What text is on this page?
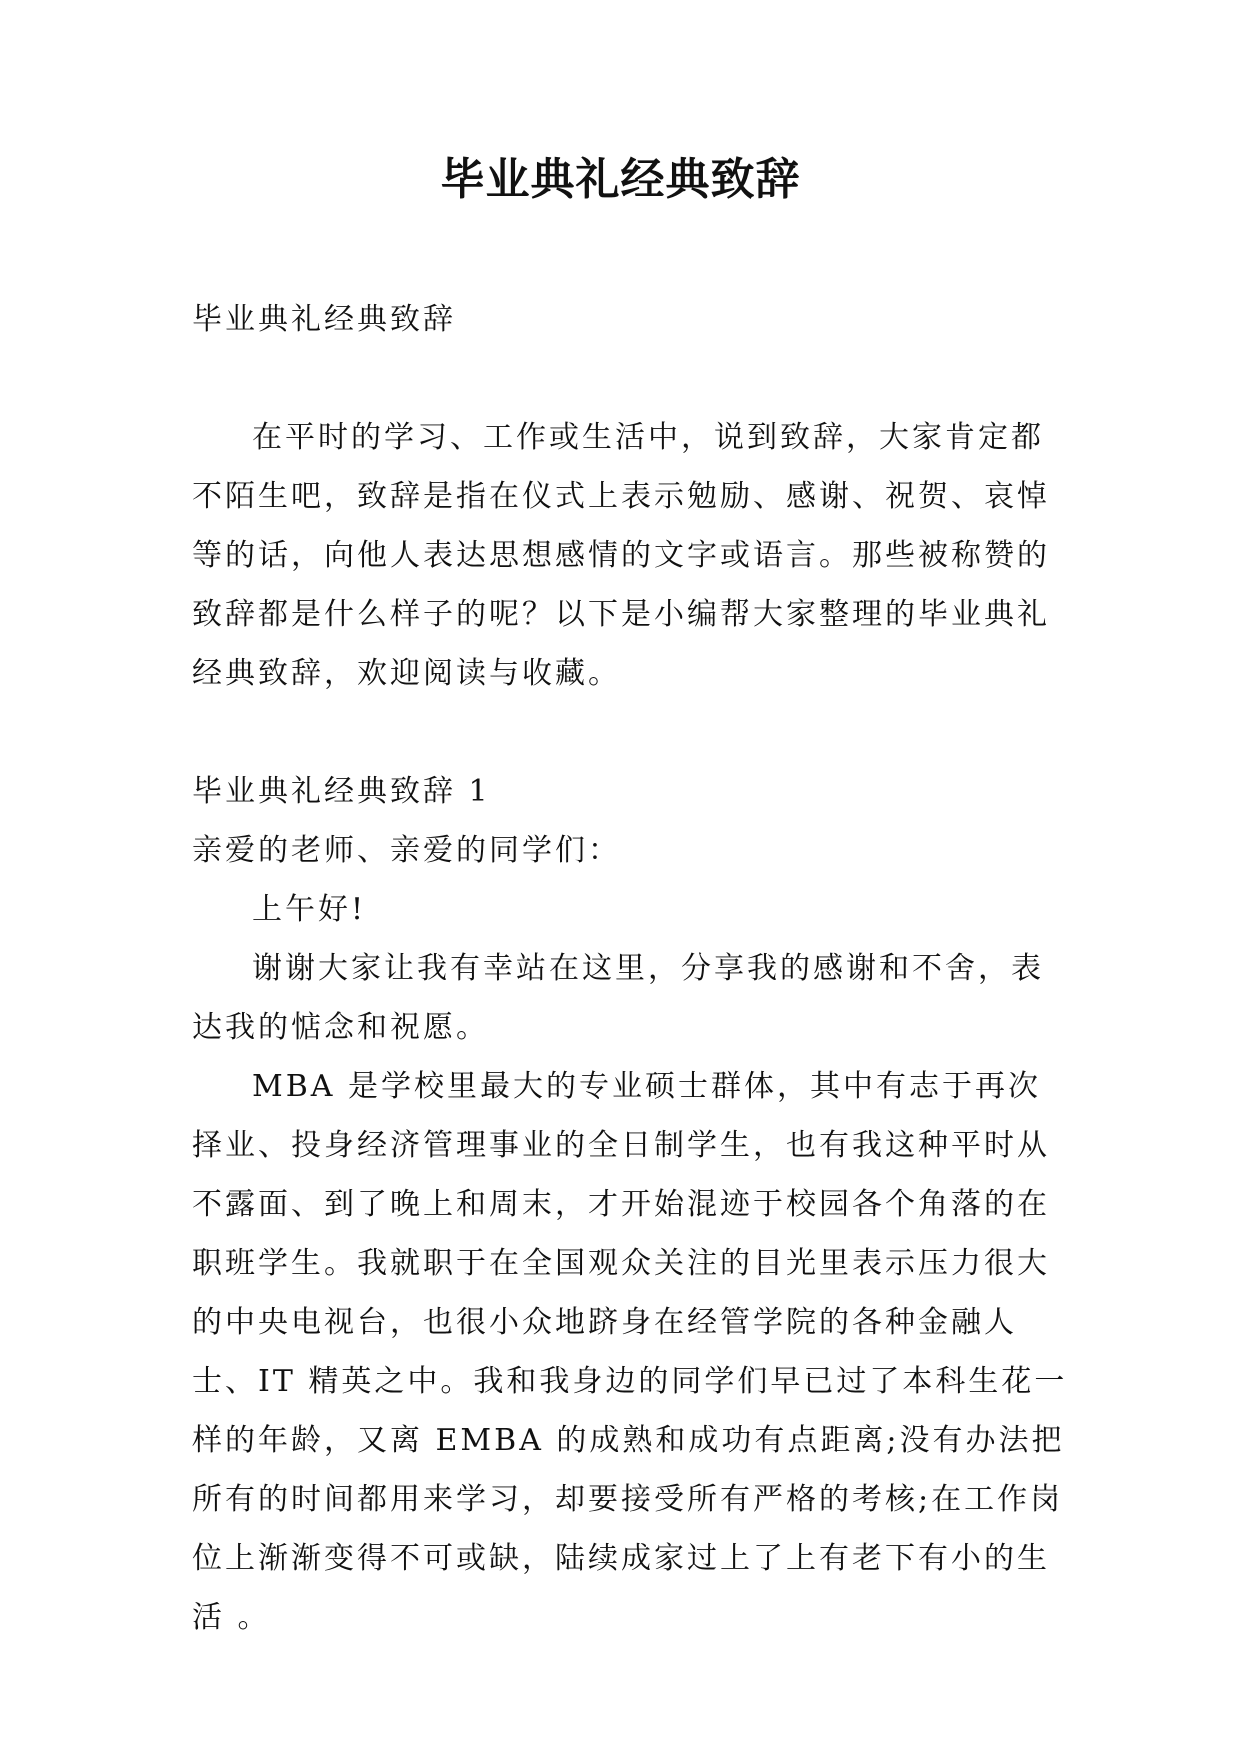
毕业典礼经典致辞

毕业典礼经典致辞

在平时的学习、工作或生活中，说到致辞，大家肯定都不陌生吧，致辞是指在仪式上表示勉励、感谢、祝贺、哀悼等的话，向他人表达思想感情的文字或语言。那些被称赞的致辞都是什么样子的呢？以下是小编帮大家整理的毕业典礼经典致辞，欢迎阅读与收藏。

毕业典礼经典致辞 1

亲爱的老师、亲爱的同学们：

上午好!

谢谢大家让我有幸站在这里，分享我的感谢和不舍，表达我的惦念和祝愿。

MBA 是学校里最大的专业硕士群体，其中有志于再次择业、投身经济管理事业的全日制学生，也有我这种平时从不露面、到了晚上和周末，才开始混迹于校园各个角落的在职班学生。我就职于在全国观众关注的目光里表示压力很大的中央电视台，也很小众地跻身在经管学院的各种金融人士、IT 精英之中。我和我身边的同学们早已过了本科生花一样的年龄，又离 EMBA 的成熟和成功有点距离;没有办法把所有的时间都用来学习，却要接受所有严格的考核;在工作岗位上渐渐变得不可或缺，陆续成家过上了上有老下有小的生活 。
